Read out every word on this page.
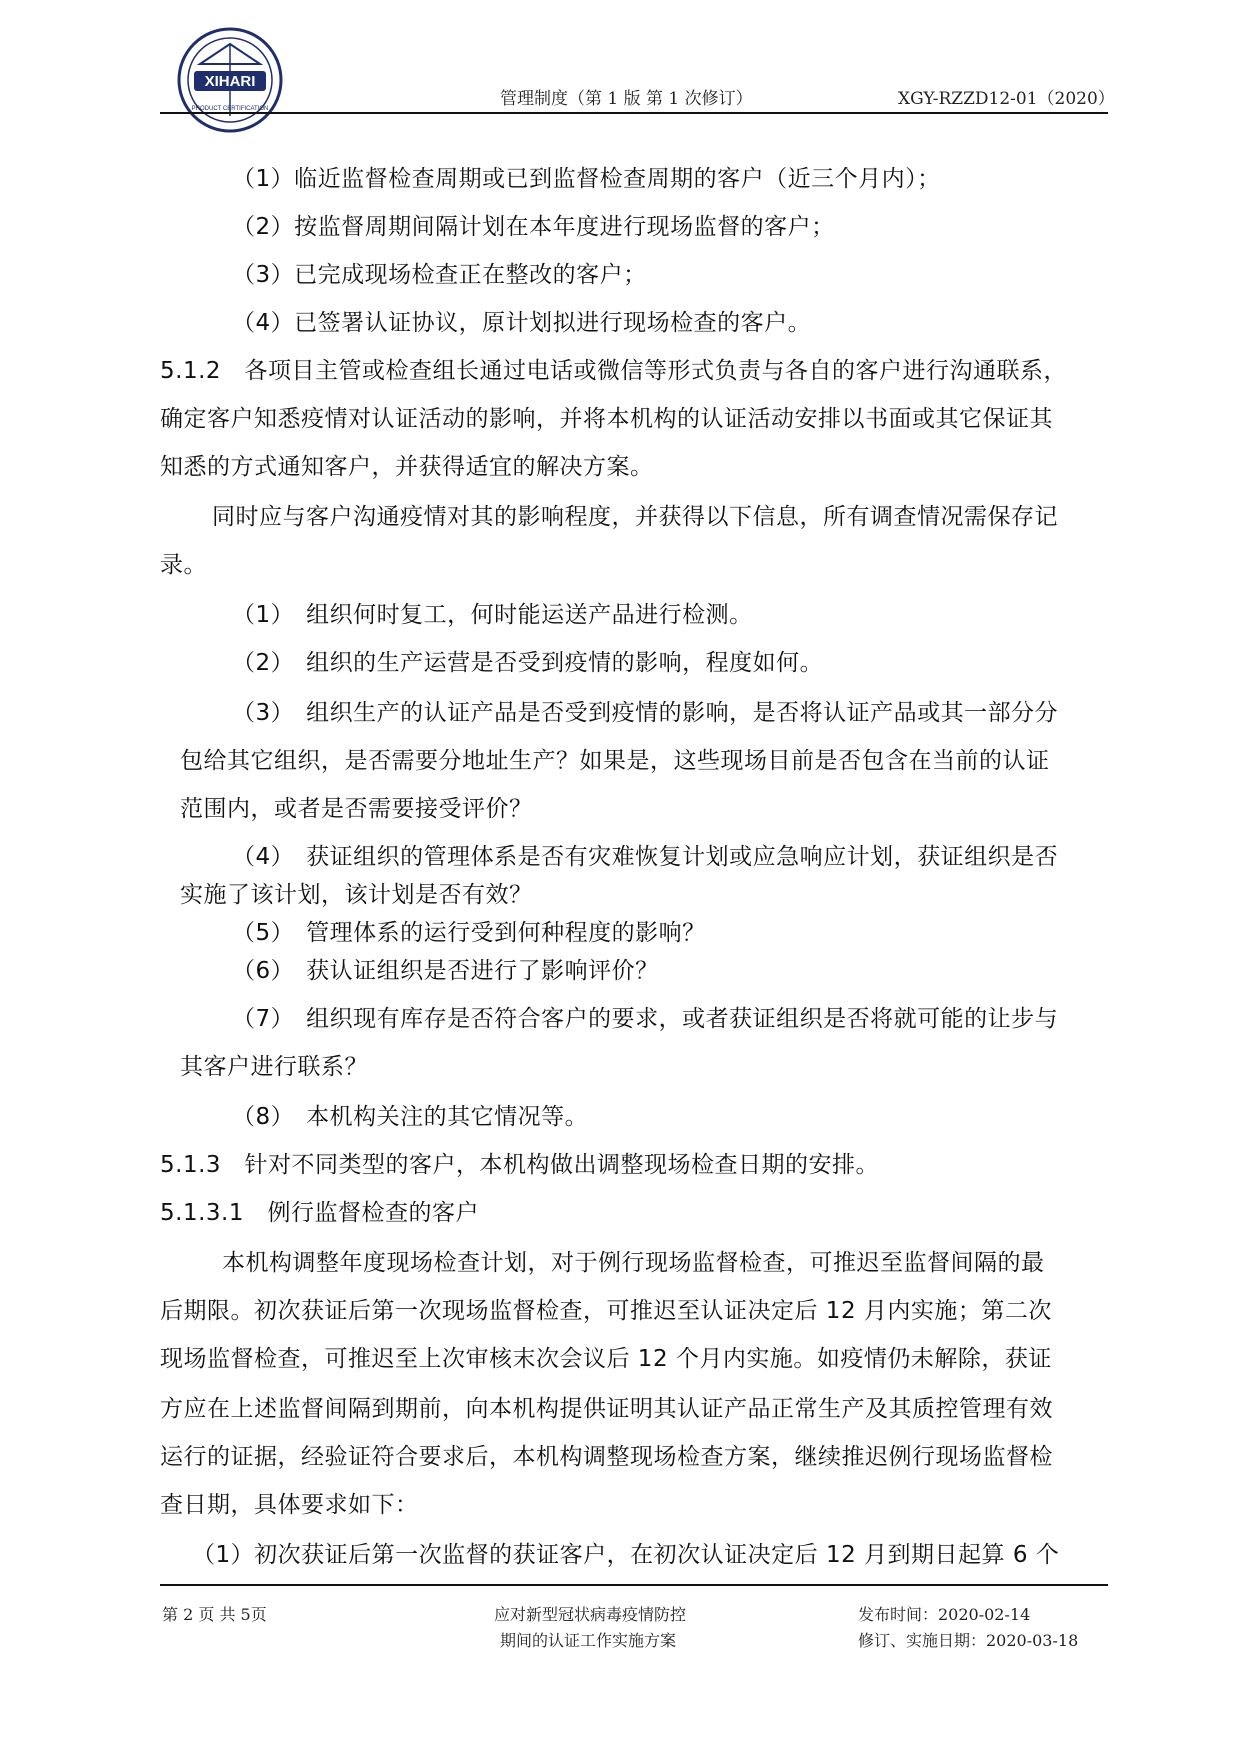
XIHARI
PRODUCT CERTIFICATION	管理制度（第 1 版 第 1 次修订）	XGY-RZZD12-01（2020）
（1）临近监督检查周期或已到监督检查周期的客户（近三个月内）；
（2）按监督周期间隔计划在本年度进行现场监督的客户；
（3）已完成现场检查正在整改的客户；
（4）已签署认证协议，原计划拟进行现场检查的客户。
5.1.2　各项目主管或检查组长通过电话或微信等形式负责与各自的客户进行沟通联系，
确定客户知悉疫情对认证活动的影响，并将本机构的认证活动安排以书面或其它保证其
知悉的方式通知客户，并获得适宜的解决方案。
同时应与客户沟通疫情对其的影响程度，并获得以下信息，所有调查情况需保存记
录。
（1）　组织何时复工，何时能运送产品进行检测。
（2）　组织的生产运营是否受到疫情的影响，程度如何。
（3）　组织生产的认证产品是否受到疫情的影响，是否将认证产品或其一部分分
包给其它组织，是否需要分地址生产？如果是，这些现场目前是否包含在当前的认证
范围内，或者是否需要接受评价？
（4）　获证组织的管理体系是否有灾难恢复计划或应急响应计划，获证组织是否
实施了该计划，该计划是否有效？
（5）　管理体系的运行受到何种程度的影响？
（6）　获认证组织是否进行了影响评价？
（7）　组织现有库存是否符合客户的要求，或者获证组织是否将就可能的让步与
其客户进行联系？
（8）　本机构关注的其它情况等。
5.1.3　针对不同类型的客户，本机构做出调整现场检查日期的安排。
5.1.3.1　例行监督检查的客户
本机构调整年度现场检查计划，对于例行现场监督检查，可推迟至监督间隔的最
后期限。初次获证后第一次现场监督检查，可推迟至认证决定后 12 月内实施；第二次
现场监督检查，可推迟至上次审核末次会议后 12 个月内实施。如疫情仍未解除，获证
方应在上述监督间隔到期前，向本机构提供证明其认证产品正常生产及其质控管理有效
运行的证据，经验证符合要求后，本机构调整现场检查方案，继续推迟例行现场监督检
查日期，具体要求如下：
（1）初次获证后第一次监督的获证客户，在初次认证决定后 12 月到期日起算 6 个
第 2 页 共 5页	应对新型冠状病毒疫情防控
期间的认证工作实施方案
发布时间：2020-02-14
修订、实施日期：2020-03-18
